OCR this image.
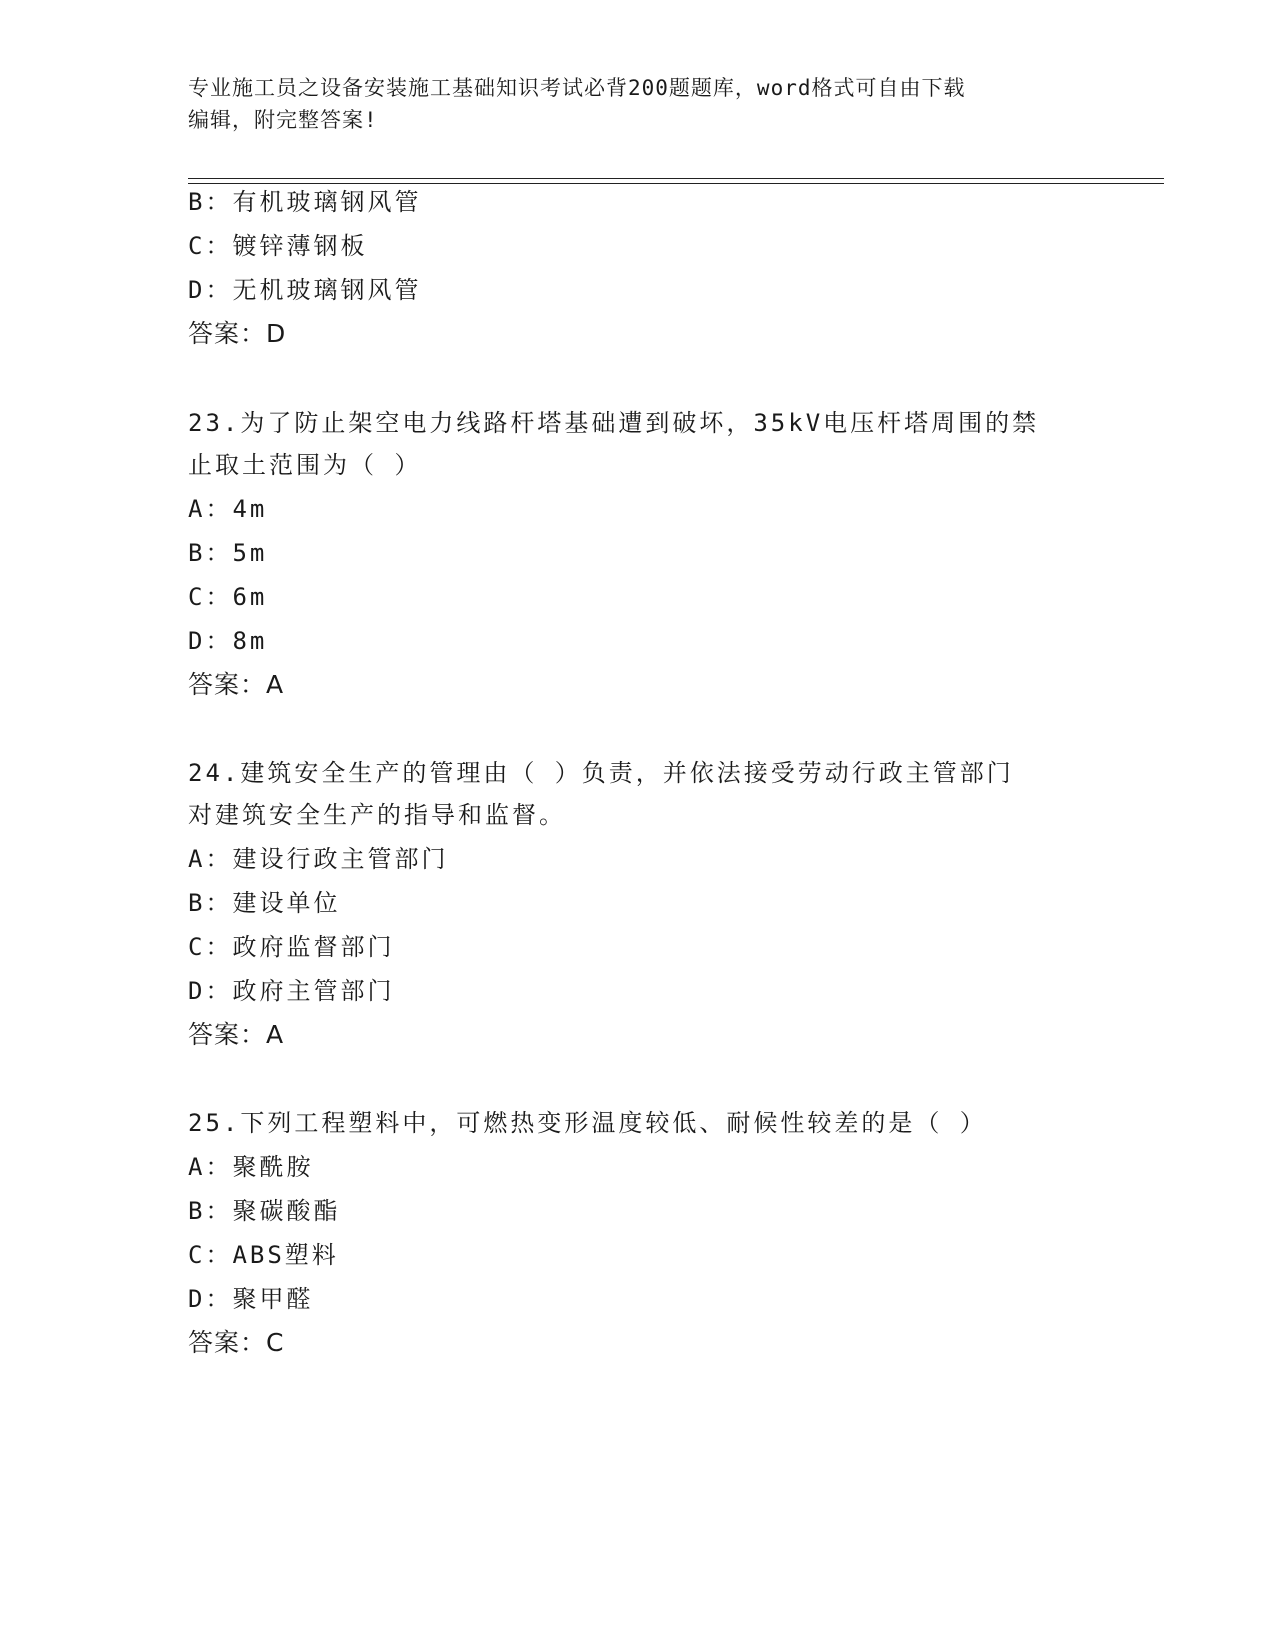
专业施工员之设备安装施工基础知识考试必背200题题库，word格式可自由下载
编辑，附完整答案!
B：有机玻璃钢风管
C：镀锌薄钢板
D：无机玻璃钢风管
答案：D
23.为了防止架空电力线路杆塔基础遭到破坏，35kV电压杆塔周围的禁
止取土范围为（ ）
A：4m
B：5m
C：6m
D：8m
答案：A
24.建筑安全生产的管理由（ ）负责，并依法接受劳动行政主管部门
对建筑安全生产的指导和监督。
A：建设行政主管部门
B：建设单位
C：政府监督部门
D：政府主管部门
答案：A
25.下列工程塑料中，可燃热变形温度较低、耐候性较差的是（ ）
A：聚酰胺
B：聚碳酸酯
C：ABS塑料
D：聚甲醛
答案：C
